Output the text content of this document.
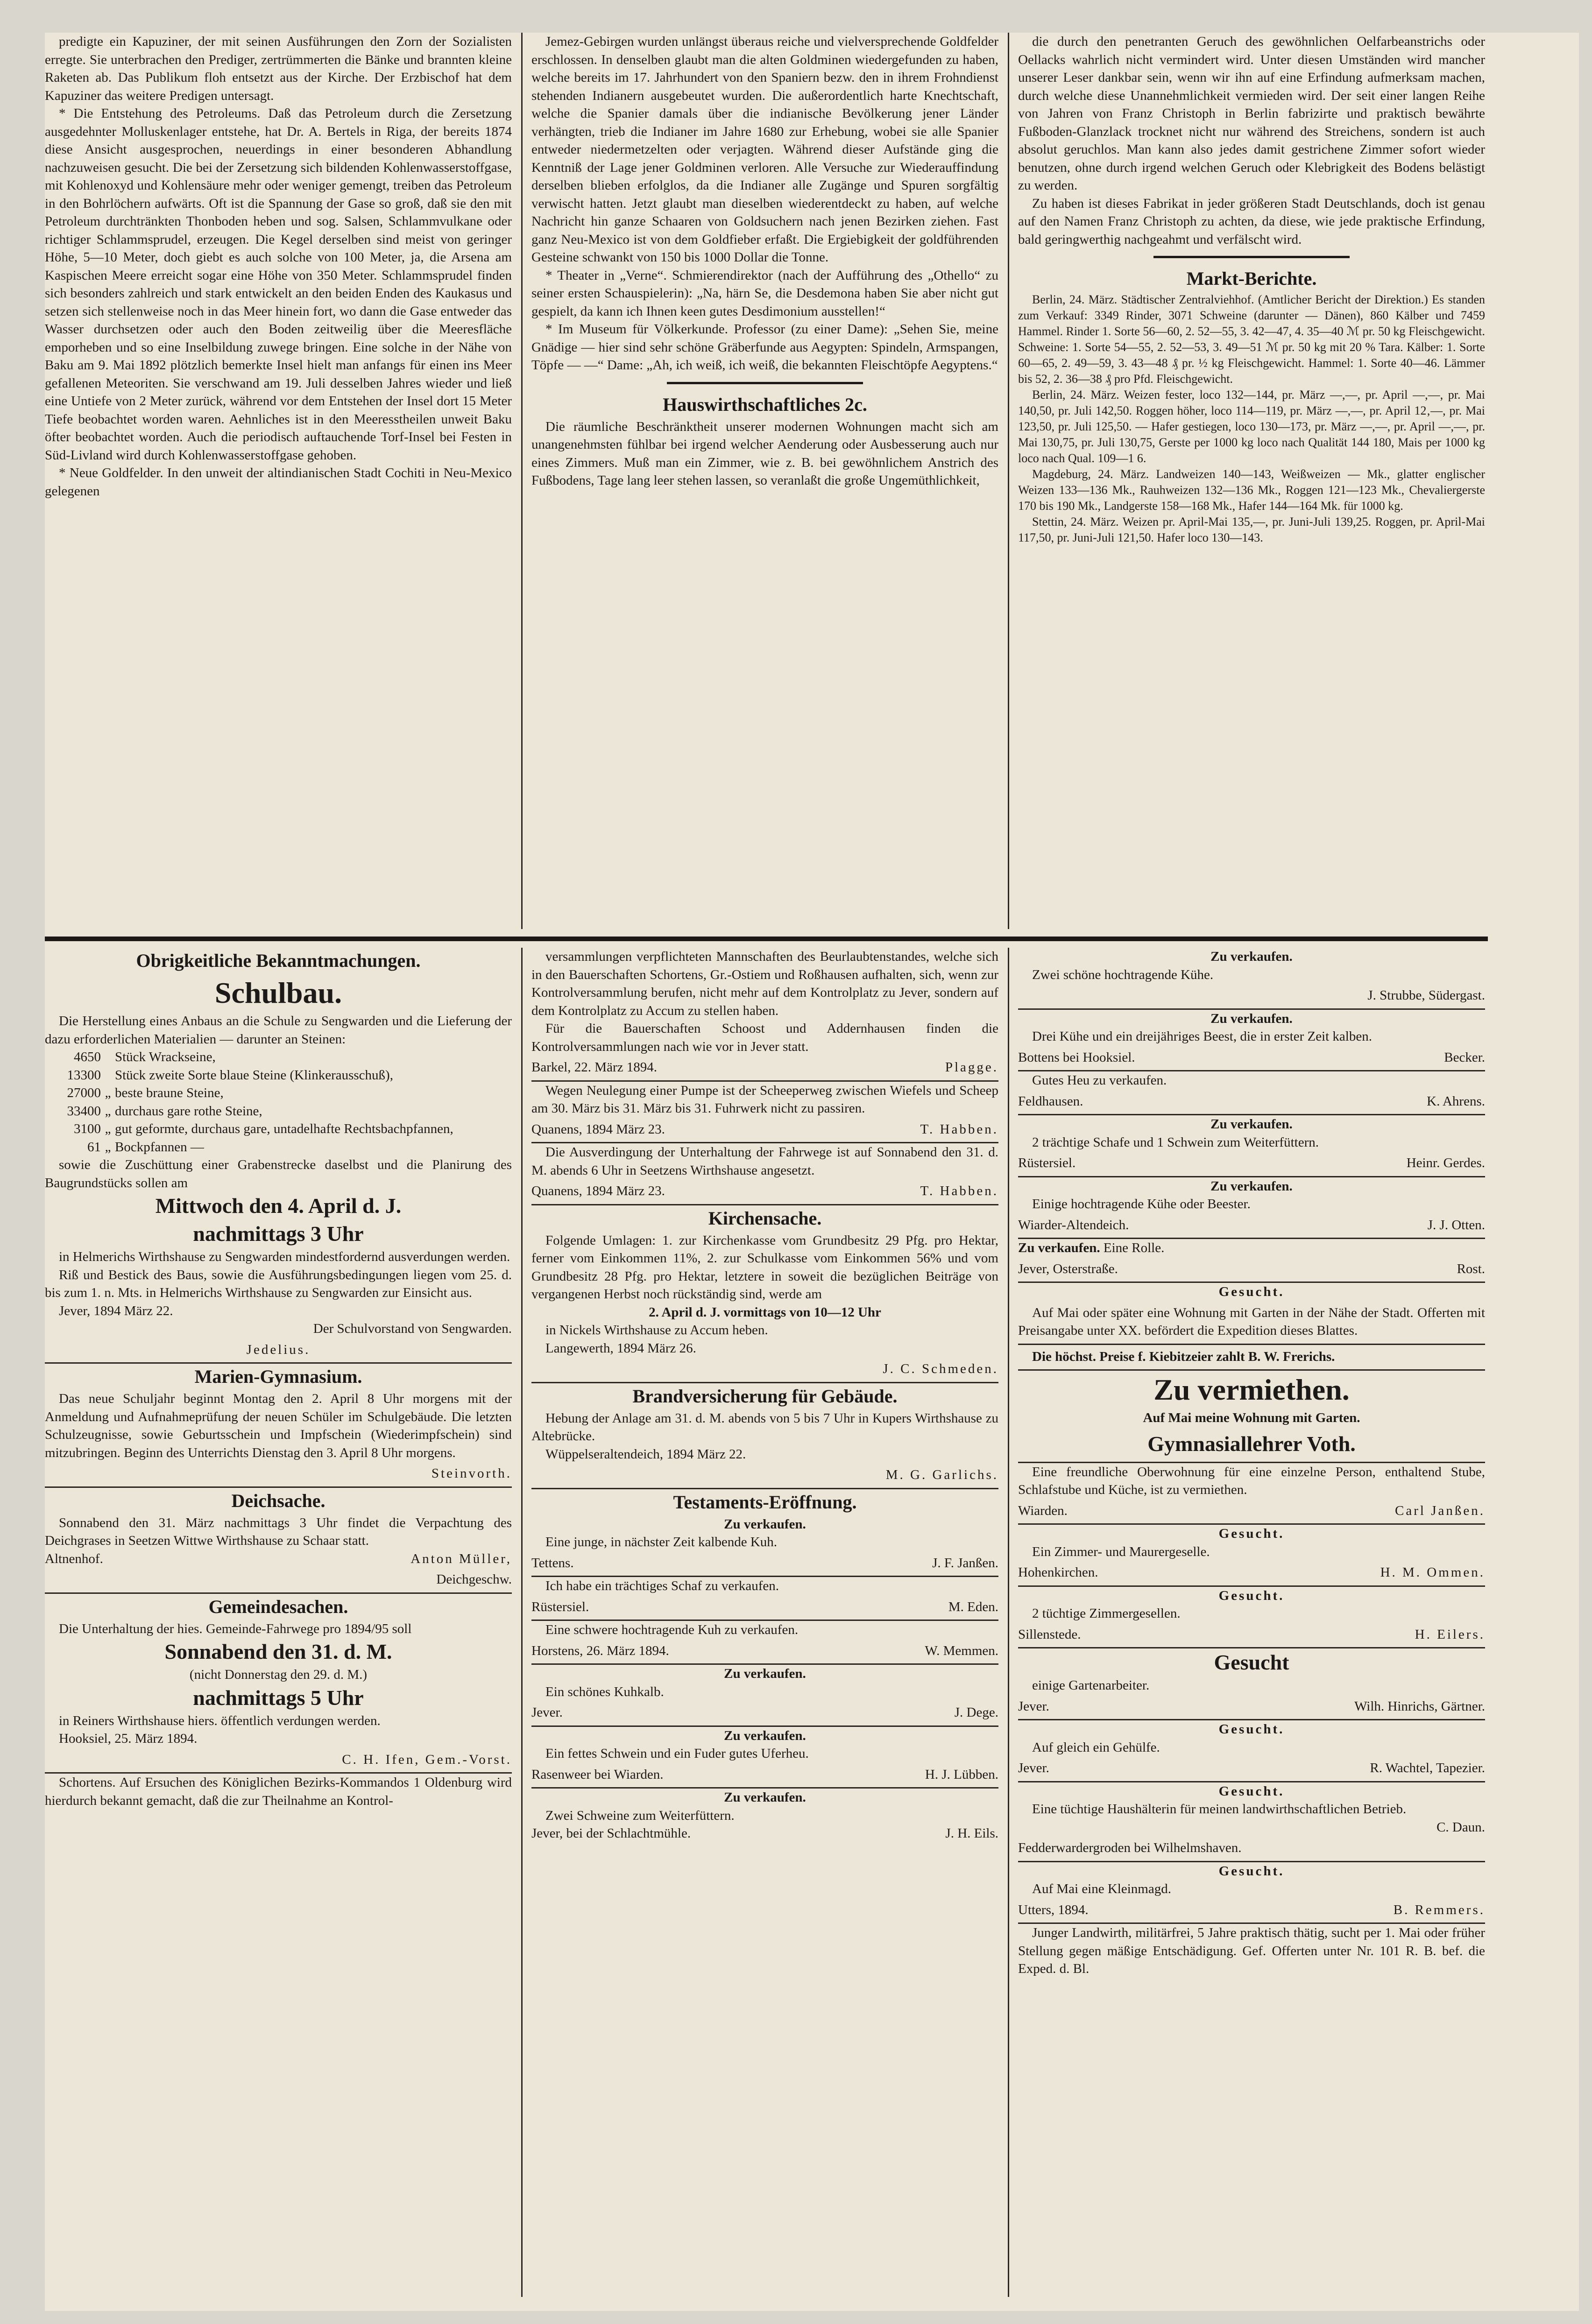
predigte ein Kapuziner, der mit seinen Ausführungen den Zorn der Sozialisten erregte. Sie unterbrachen den Prediger, zertrümmerten die Bänke und brannten kleine Raketen ab. Das Publikum floh entsetzt aus der Kirche. Der Erzbischof hat dem Kapuziner das weitere Predigen untersagt.

* Die Entstehung des Petroleums. Daß das Petroleum durch die Zersetzung ausgedehnter Molluskenlager entstehe, hat Dr. A. Bertels in Riga, der bereits 1874 diese Ansicht ausgesprochen, neuerdings in einer besonderen Abhandlung nachzuweisen gesucht. Die bei der Zersetzung sich bildenden Kohlenwasserstoffgase, mit Kohlenoxyd und Kohlensäure mehr oder weniger gemengt, treiben das Petroleum in den Bohrlöchern aufwärts. Oft ist die Spannung der Gase so groß, daß sie den mit Petroleum durchtränkten Thonboden heben und sog. Salsen, Schlammvulkane oder richtiger Schlammsprudel, erzeugen. Die Kegel derselben sind meist von geringer Höhe, 5—10 Meter, doch giebt es auch solche von 100 Meter, ja, die Arsena am Kaspischen Meere erreicht sogar eine Höhe von 350 Meter. Schlammsprudel finden sich besonders zahlreich und stark entwickelt an den beiden Enden des Kaukasus und setzen sich stellenweise noch in das Meer hinein fort, wo dann die Gase entweder das Wasser durchsetzen oder auch den Boden zeitweilig über die Meeresfläche emporheben und so eine Inselbildung zuwege bringen. Eine solche in der Nähe von Baku am 9. Mai 1892 plötzlich bemerkte Insel hielt man anfangs für einen ins Meer gefallenen Meteoriten. Sie verschwand am 19. Juli desselben Jahres wieder und ließ eine Untiefe von 2 Meter zurück, während vor dem Entstehen der Insel dort 15 Meter Tiefe beobachtet worden waren. Aehnliches ist in den Meeresstheilen unweit Baku öfter beobachtet worden. Auch die periodisch auftauchende Torf-Insel bei Festen in Süd-Livland wird durch Kohlenwasserstoffgase gehoben.

* Neue Goldfelder. In den unweit der altindianischen Stadt Cochiti in Neu-Mexico gelegenen

Jemez-Gebirgen wurden unlängst überaus reiche und vielversprechende Goldfelder erschlossen. In denselben glaubt man die alten Goldminen wiedergefunden zu haben, welche bereits im 17. Jahrhundert von den Spaniern bezw. den in ihrem Frohndienst stehenden Indianern ausgebeutet wurden. Die außerordentlich harte Knechtschaft, welche die Spanier damals über die indianische Bevölkerung jener Länder verhängten, trieb die Indianer im Jahre 1680 zur Erhebung, wobei sie alle Spanier entweder niedermetzelten oder verjagten. Während dieser Aufstände ging die Kenntniß der Lage jener Goldminen verloren. Alle Versuche zur Wiederauffindung derselben blieben erfolglos, da die Indianer alle Zugänge und Spuren sorgfältig verwischt hatten. Jetzt glaubt man dieselben wiederentdeckt zu haben, auf welche Nachricht hin ganze Schaaren von Goldsuchern nach jenen Bezirken ziehen. Fast ganz Neu-Mexico ist von dem Goldfieber erfaßt. Die Ergiebigkeit der goldführenden Gesteine schwankt von 150 bis 1000 Dollar die Tonne.

* Theater in „Verne“. Schmierendirektor (nach der Aufführung des „Othello“ zu seiner ersten Schauspielerin): „Na, härn Se, die Desdemona haben Sie aber nicht gut gespielt, da kann ich Ihnen keen gutes Desdimonium ausstellen!“

* Im Museum für Völkerkunde. Professor (zu einer Dame): „Sehen Sie, meine Gnädige — hier sind sehr schöne Gräberfunde aus Aegypten: Spindeln, Armspangen, Töpfe — —“ Dame: „Ah, ich weiß, ich weiß, die bekannten Fleischtöpfe Aegyptens.“

Hauswirthschaftliches 2c.

Die räumliche Beschränktheit unserer modernen Wohnungen macht sich am unangenehmsten fühlbar bei irgend welcher Aenderung oder Ausbesserung auch nur eines Zimmers. Muß man ein Zimmer, wie z. B. bei gewöhnlichem Anstrich des Fußbodens, Tage lang leer stehen lassen, so veranlaßt die große Ungemüthlichkeit,

die durch den penetranten Geruch des gewöhnlichen Oelfarbeanstrichs oder Oellacks wahrlich nicht vermindert wird. Unter diesen Umständen wird mancher unserer Leser dankbar sein, wenn wir ihn auf eine Erfindung aufmerksam machen, durch welche diese Unannehmlichkeit vermieden wird. Der seit einer langen Reihe von Jahren von Franz Christoph in Berlin fabrizirte und praktisch bewährte Fußboden-Glanzlack trocknet nicht nur während des Streichens, sondern ist auch absolut geruchlos. Man kann also jedes damit gestrichene Zimmer sofort wieder benutzen, ohne durch irgend welchen Geruch oder Klebrigkeit des Bodens belästigt zu werden.

Zu haben ist dieses Fabrikat in jeder größeren Stadt Deutschlands, doch ist genau auf den Namen Franz Christoph zu achten, da diese, wie jede praktische Erfindung, bald geringwerthig nachgeahmt und verfälscht wird.

Markt-Berichte.

Berlin, 24. März. Städtischer Zentralviehhof. (Amtlicher Bericht der Direktion.) Es standen zum Verkauf: 3349 Rinder, 3071 Schweine (darunter — Dänen), 860 Kälber und 7459 Hammel. Rinder 1. Sorte 56—60, 2. 52—55, 3. 42—47, 4. 35—40 ℳ pr. 50 kg Fleischgewicht. Schweine: 1. Sorte 54—55, 2. 52—53, 3. 49—51 ℳ pr. 50 kg mit 20 % Tara. Kälber: 1. Sorte 60—65, 2. 49—59, 3. 43—48 ₰ pr. ½ kg Fleischgewicht. Hammel: 1. Sorte 40—46. Lämmer bis 52, 2. 36—38 ₰ pro Pfd. Fleischgewicht.

Berlin, 24. März. Weizen fester, loco 132—144, pr. März —,—, pr. April —,—, pr. Mai 140,50, pr. Juli 142,50. Roggen höher, loco 114—119, pr. März —,—, pr. April 12‚—, pr. Mai 123,50, pr. Juli 125,50. — Hafer gestiegen, loco 130—173, pr. März —,—, pr. April —,—, pr. Mai 130,75, pr. Juli 130,75, Gerste per 1000 kg loco nach Qualität 144 180, Mais per 1000 kg loco nach Qual. 109—1 6.

Magdeburg, 24. März. Landweizen 140—143, Weißweizen — Mk., glatter englischer Weizen 133—136 Mk., Rauhweizen 132—136 Mk., Roggen 121—123 Mk., Chevaliergerste 170 bis 190 Mk., Landgerste 158—168 Mk., Hafer 144—164 Mk. für 1000 kg.

Stettin, 24. März. Weizen pr. April-Mai 135,—, pr. Juni-Juli 139,25. Roggen, pr. April-Mai 117,50, pr. Juni-Juli 121,50. Hafer loco 130—143.

Obrigkeitliche Bekanntmachungen.
Schulbau.

Die Herstellung eines Anbaus an die Schule zu Sengwarden und die Lieferung der dazu erforderlichen Materialien — darunter an Steinen:

4650 Stück Wrackseine,
13300 Stück zweite Sorte blaue Steine (Klinkerausschuß),
27000 „ beste braune Steine,
33400 „ durchaus gare rothe Steine,
3100 „ gut geformte, durchaus gare, untadelhafte Rechtsbachpfannen,
61 „ Bockpfannen —

sowie die Zuschüttung einer Grabenstrecke daselbst und die Planirung des Baugrundstücks sollen am

Mittwoch den 4. April d. J.
nachmittags 3 Uhr

in Helmerichs Wirthshause zu Sengwarden mindestfordernd ausverdungen werden.

Riß und Bestick des Baus, sowie die Ausführungsbedingungen liegen vom 25. d. bis zum 1. n. Mts. in Helmerichs Wirthshause zu Sengwarden zur Einsicht aus.

Jever, 1894 März 22.

Der Schulvorstand von Sengwarden.
Jedelius.
Marien-Gymnasium.

Das neue Schuljahr beginnt Montag den 2. April 8 Uhr morgens mit der Anmeldung und Aufnahmeprüfung der neuen Schüler im Schulgebäude. Die letzten Schulzeugnisse, sowie Geburtsschein und Impfschein (Wiederimpfschein) sind mitzubringen. Beginn des Unterrichts Dienstag den 3. April 8 Uhr morgens.

Steinvorth.
Deichsache.

Sonnabend den 31. März nachmittags 3 Uhr findet die Verpachtung des Deichgrases in Seetzen Wittwe Wirthshause zu Schaar statt.

Altnenhof.	Anton Müller,
Deichgeschw.
Gemeindesachen.

Die Unterhaltung der hies. Gemeinde-Fahrwege pro 1894/95 soll

Sonnabend den 31. d. M.
(nicht Donnerstag den 29. d. M.)
nachmittags 5 Uhr

in Reiners Wirthshause hiers. öffentlich verdungen werden.

Hooksiel, 25. März 1894.

C. H. Ifen, Gem.-Vorst.

Schortens. Auf Ersuchen des Königlichen Bezirks-Kommandos 1 Oldenburg wird hierdurch bekannt gemacht, daß die zur Theilnahme an Kontrol-

versammlungen verpflichteten Mannschaften des Beurlaubtenstandes, welche sich in den Bauerschaften Schortens, Gr.-Ostiem und Roßhausen aufhalten, sich, wenn zur Kontrolversammlung berufen, nicht mehr auf dem Kontrolplatz zu Jever, sondern auf dem Kontrolplatz zu Accum zu stellen haben.

Für die Bauerschaften Schoost und Addernhausen finden die Kontrolversammlungen nach wie vor in Jever statt.

Barkel, 22. März 1894.	Plagge.

Wegen Neulegung einer Pumpe ist der Scheeperweg zwischen Wiefels und Scheep am 30. März bis 31. März bis 31. Fuhrwerk nicht zu passiren.

Quanens, 1894 März 23.	T. Habben.

Die Ausverdingung der Unterhaltung der Fahrwege ist auf Sonnabend den 31. d. M. abends 6 Uhr in Seetzens Wirthshause angesetzt.

Quanens, 1894 März 23.	T. Habben.
Kirchensache.

Folgende Umlagen: 1. zur Kirchenkasse vom Grundbesitz 29 Pfg. pro Hektar, ferner vom Einkommen 11%, 2. zur Schulkasse vom Einkommen 56% und vom Grundbesitz 28 Pfg. pro Hektar, letztere in soweit die bezüglichen Beiträge von vergangenen Herbst noch rückständig sind, werde am

2. April d. J. vormittags von 10—12 Uhr

in Nickels Wirthshause zu Accum heben.

Langewerth, 1894 März 26.

J. C. Schmeden.
Brandversicherung für Gebäude.

Hebung der Anlage am 31. d. M. abends von 5 bis 7 Uhr in Kupers Wirthshause zu Altebrücke.

Wüppelseraltendeich, 1894 März 22.

M. G. Garlichs.
Testaments-Eröffnung.
Zu verkaufen.

Eine junge, in nächster Zeit kalbende Kuh.

Tettens.	J. F. Janßen.

Ich habe ein trächtiges Schaf zu verkaufen.

Rüstersiel.	M. Eden.

Eine schwere hochtragende Kuh zu verkaufen.

Horstens, 26. März 1894.	W. Memmen.
Zu verkaufen.

Ein schönes Kuhkalb.

Jever.	J. Dege.
Zu verkaufen.

Ein fettes Schwein und ein Fuder gutes Uferheu.

Rasenweer bei Wiarden.	H. J. Lübben.
Zu verkaufen.

Zwei Schweine zum Weiterfüttern.

Jever, bei der Schlachtmühle.	J. H. Eils.
Zu verkaufen.

Zwei schöne hochtragende Kühe.

J. Strubbe, Südergast.
Zu verkaufen.

Drei Kühe und ein dreijähriges Beest, die in erster Zeit kalben.

Bottens bei Hooksiel.	Becker.

Gutes Heu zu verkaufen.

Feldhausen.	K. Ahrens.
Zu verkaufen.

2 trächtige Schafe und 1 Schwein zum Weiterfüttern.

Rüstersiel.	Heinr. Gerdes.
Zu verkaufen.

Einige hochtragende Kühe oder Beester.

Wiarder-Altendeich.	J. J. Otten.
Zu verkaufen. Eine Rolle.
Jever, Osterstraße.	Rost.
Gesucht.

Auf Mai oder später eine Wohnung mit Garten in der Nähe der Stadt. Offerten mit Preisangabe unter XX. befördert die Expedition dieses Blattes.

Die höchst. Preise f. Kiebitzeier zahlt B. W. Frerichs.

Zu vermiethen.
Auf Mai meine Wohnung mit Garten.
Gymnasiallehrer Voth.

Eine freundliche Oberwohnung für eine einzelne Person, enthaltend Stube, Schlafstube und Küche, ist zu vermiethen.

Wiarden.	Carl Janßen.
Gesucht.

Ein Zimmer- und Maurergeselle.

Hohenkirchen.	H. M. Ommen.
Gesucht.

2 tüchtige Zimmergesellen.

Sillenstede.	H. Eilers.
Gesucht

einige Gartenarbeiter.

Jever.	Wilh. Hinrichs, Gärtner.
Gesucht.

Auf gleich ein Gehülfe.

Jever.	R. Wachtel, Tapezier.
Gesucht.

Eine tüchtige Haushälterin für meinen landwirthschaftlichen Betrieb.

C. Daun.
Fedderwardergroden bei Wilhelmshaven.
Gesucht.

Auf Mai eine Kleinmagd.

Utters, 1894.	B. Remmers.

Junger Landwirth, militärfrei, 5 Jahre praktisch thätig, sucht per 1. Mai oder früher Stellung gegen mäßige Entschädigung. Gef. Offerten unter Nr. 101 R. B. bef. die Exped. d. Bl.
